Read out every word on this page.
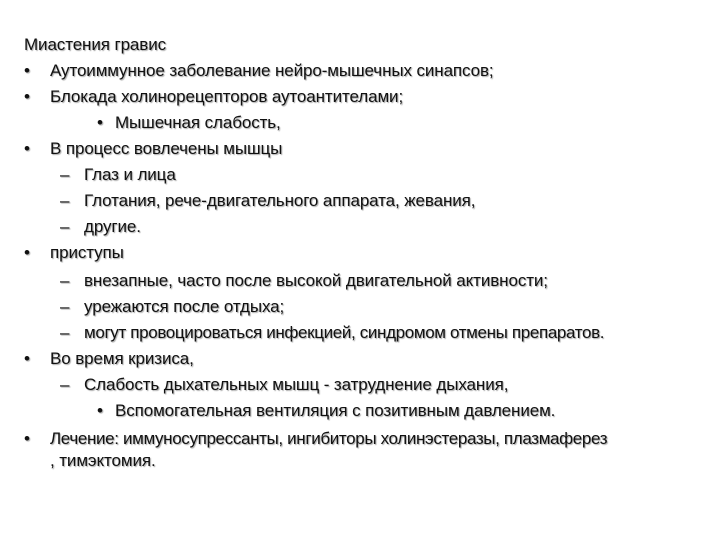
Миастения гравис
• Аутоиммунное заболевание нейро-мышечных синапсов;
• Блокада холинорецепторов аутоантителами;
• Мышечная слабость,
• В процесс вовлечены мышцы
– Глаз и лица
– Глотания, рече-двигательного аппарата, жевания,
– другие.
• приступы
– внезапные, часто после высокой двигательной активности;
– урежаются после отдыха;
– могут провоцироваться инфекцией, синдромом отмены препаратов.
• Во время кризиса,
– Слабость дыхательных мышц - затруднение дыхания,
• Вспомогательная вентиляция с позитивным давлением.
• Лечение: иммуносупрессанты, ингибиторы холинэстеразы, плазмаферез
, тимэктомия.
